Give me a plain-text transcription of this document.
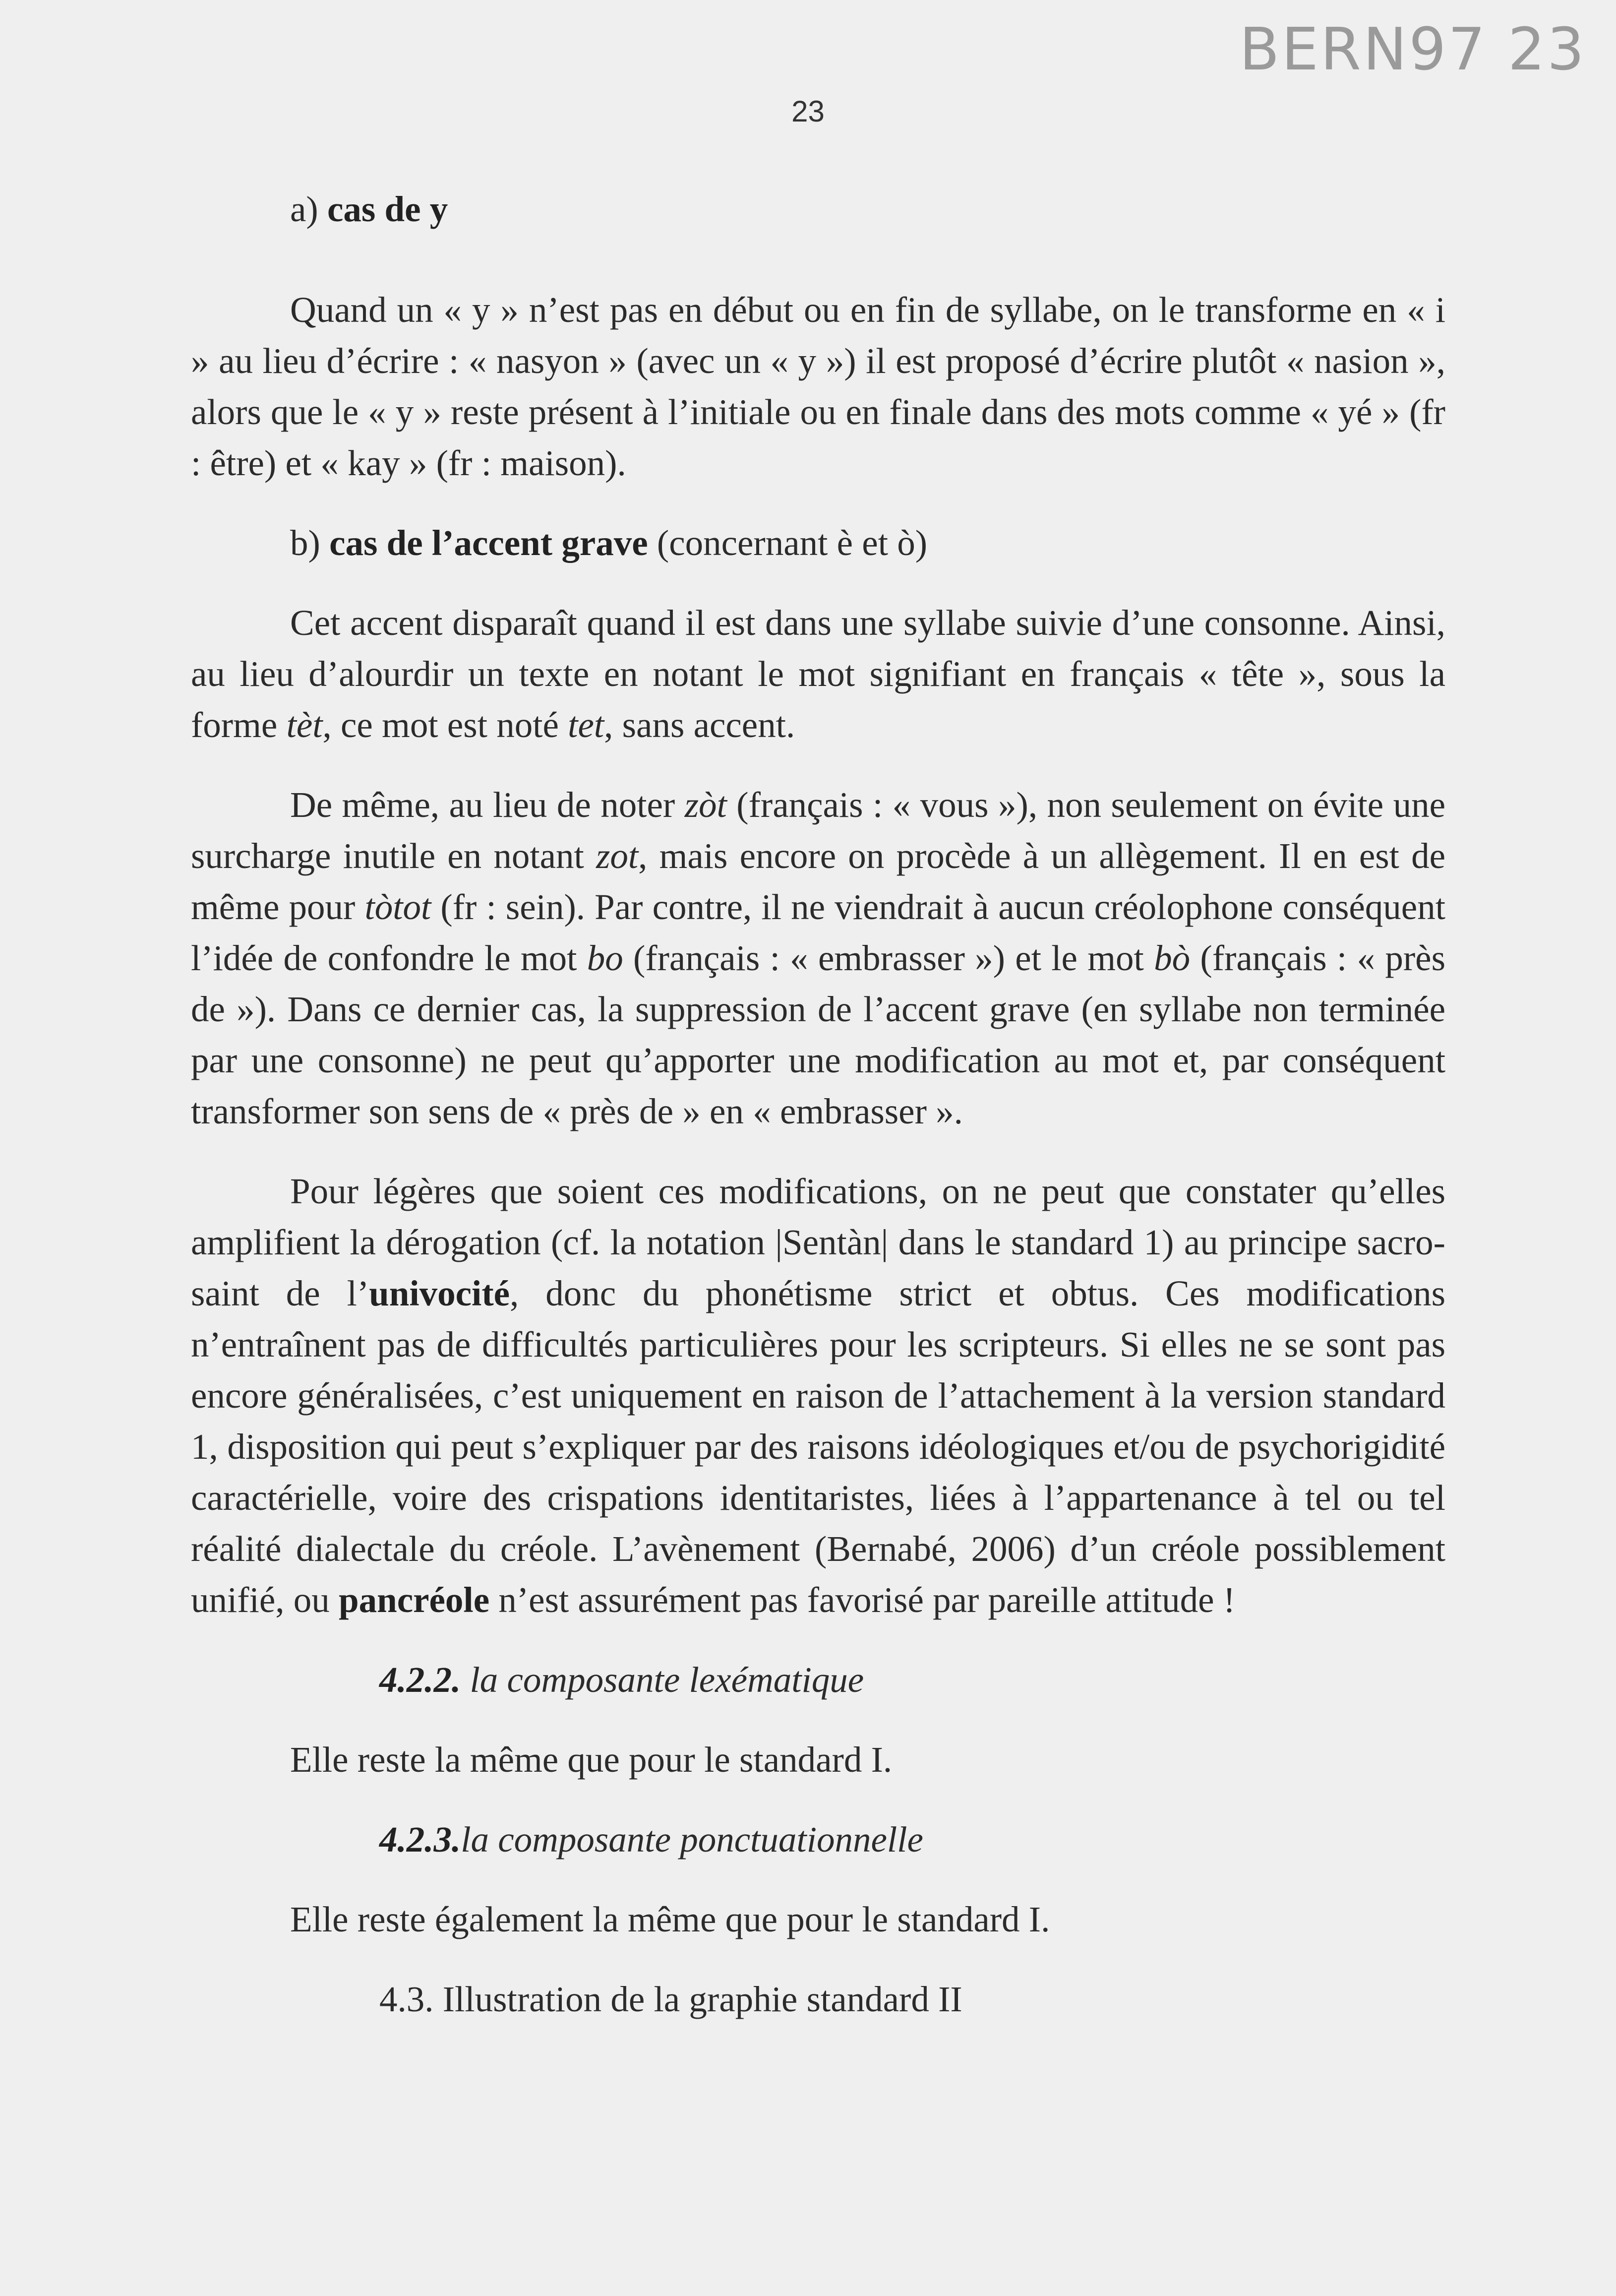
BERN97 23
23

a) cas de y

Quand un « y » n’est pas en début ou en fin de syllabe, on le transforme en « i » au lieu d’écrire : « nasyon » (avec un « y ») il est proposé d’écrire plutôt « nasion », alors que le « y » reste présent à l’initiale ou en finale dans des mots comme « yé » (fr : être) et « kay » (fr : maison).

b) cas de l’accent grave (concernant è et ò)

Cet accent disparaît quand il est dans une syllabe suivie d’une consonne. Ainsi, au lieu d’alourdir un texte en notant le mot signifiant en français « tête », sous la forme tèt, ce mot est noté tet, sans accent.

De même, au lieu de noter zòt (français : « vous »), non seulement on évite une surcharge inutile en notant zot, mais encore on procède à un allègement. Il en est de même pour tòtot (fr : sein). Par contre, il ne viendrait à aucun créolophone conséquent l’idée de confondre le mot bo (français : « embrasser ») et le mot bò (français : « près de »). Dans ce dernier cas, la suppression de l’accent grave (en syllabe non terminée par une consonne) ne peut qu’apporter une modification au mot et, par conséquent transformer son sens de « près de » en « embrasser ».

Pour légères que soient ces modifications, on ne peut que constater qu’elles amplifient la dérogation (cf. la notation |Sentàn| dans le standard 1) au principe sacro-saint de l’univocité, donc du phonétisme strict et obtus. Ces modifications n’entraînent pas de difficultés particulières pour les scripteurs. Si elles ne se sont pas encore généralisées, c’est uniquement en raison de l’attachement à la version standard 1, disposition qui peut s’expliquer par des raisons idéologiques et/ou de psychorigidité caractérielle, voire des crispations identitaristes, liées à l’appartenance à tel ou tel réalité dialectale du créole. L’avènement (Bernabé, 2006) d’un créole possiblement unifié, ou pancréole n’est assurément pas favorisé par pareille attitude !

4.2.2. la composante lexématique

Elle reste la même que pour le standard I.

4.2.3.la composante ponctuationnelle

Elle reste également la même que pour le standard I.

4.3. Illustration de la graphie standard II
